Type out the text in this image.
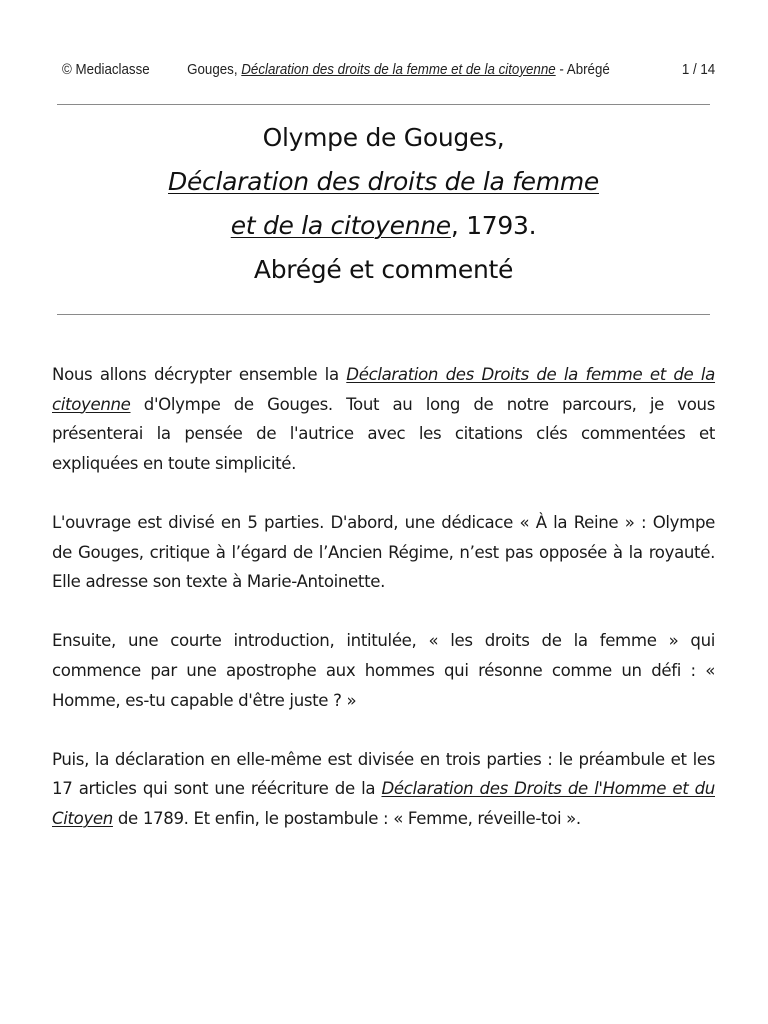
© Mediaclasse	Gouges, Déclaration des droits de la femme et de la citoyenne - Abrégé	1 / 14
Olympe de Gouges,
Déclaration des droits de la femme
et de la citoyenne, 1793.
Abrégé et commenté

Nous allons décrypter ensemble la Déclaration des Droits de la femme et de la citoyenne d'Olympe de Gouges. Tout au long de notre parcours, je vous présenterai la pensée de l'autrice avec les citations clés commentées et expliquées en toute simplicité.

L'ouvrage est divisé en 5 parties. D'abord, une dédicace « À la Reine » : Olympe de Gouges, critique à l’égard de l’Ancien Régime, n’est pas opposée à la royauté. Elle adresse son texte à Marie-Antoinette.

Ensuite, une courte introduction, intitulée, « les droits de la femme » qui commence par une apostrophe aux hommes qui résonne comme un défi : « Homme, es-tu capable d'être juste ? »

Puis, la déclaration en elle-même est divisée en trois parties : le préambule et les 17 articles qui sont une réécriture de la Déclaration des Droits de l'Homme et du Citoyen de 1789. Et enfin, le postambule : « Femme, réveille-toi ».
